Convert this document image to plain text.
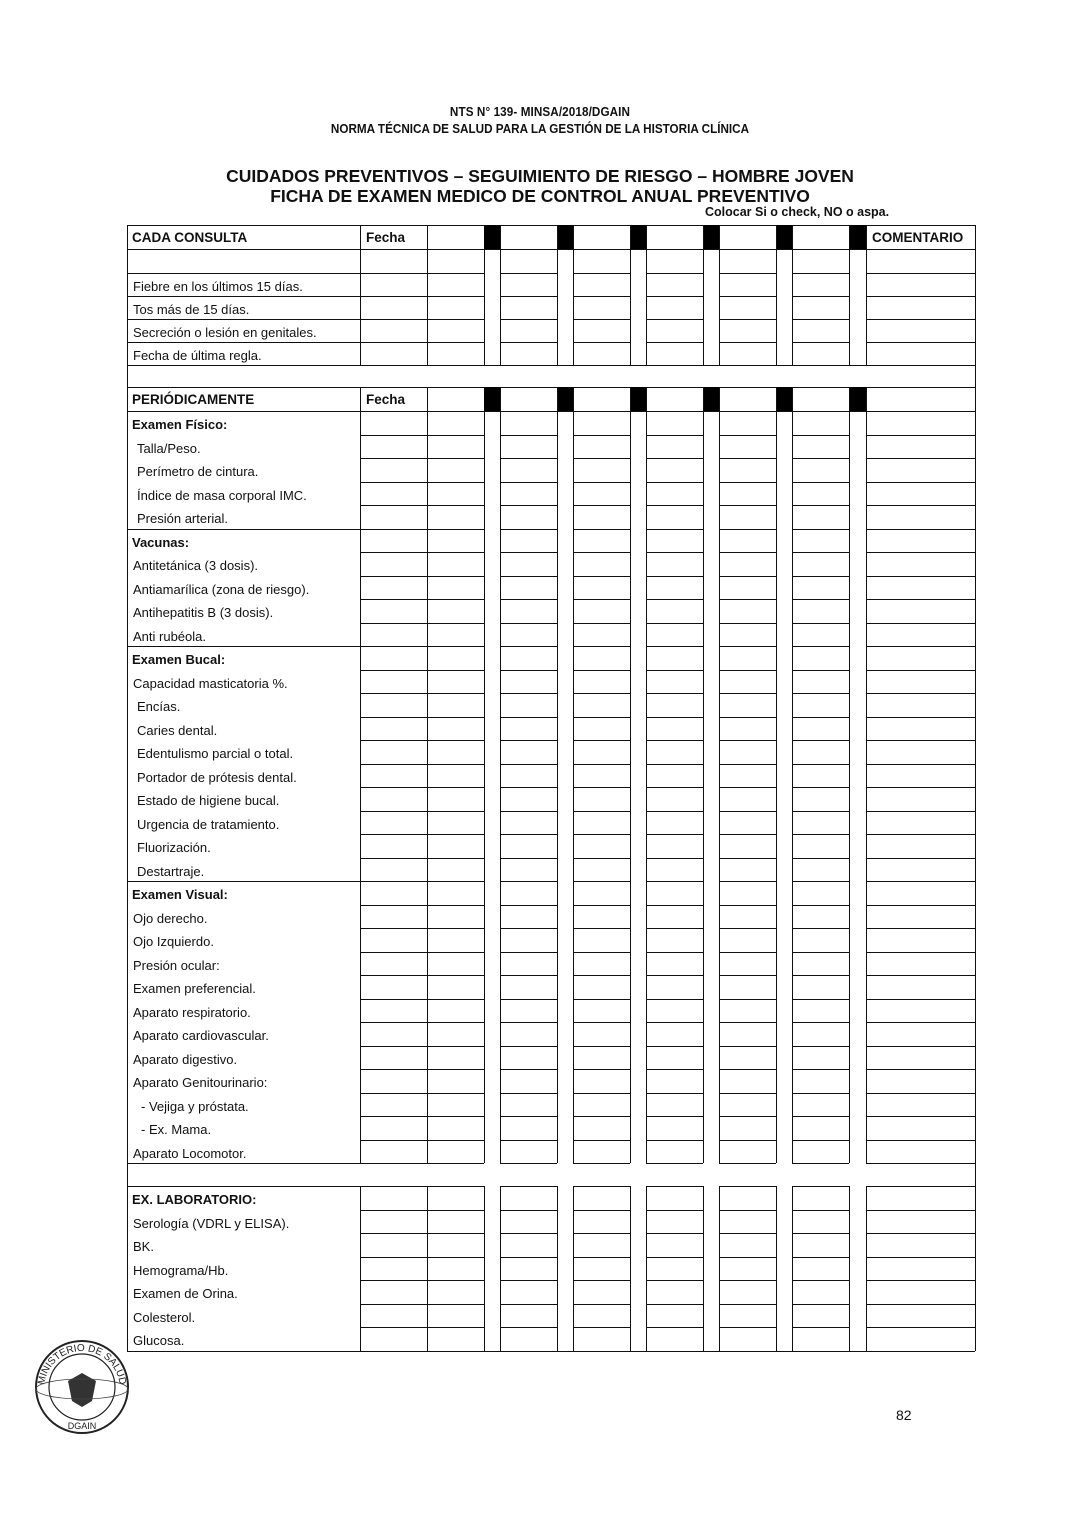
NTS N° 139- MINSA/2018/DGAIN
NORMA TÉCNICA DE SALUD PARA LA GESTIÓN DE LA HISTORIA CLÍNICA
CUIDADOS PREVENTIVOS – SEGUIMIENTO DE RIESGO – HOMBRE JOVEN
FICHA DE EXAMEN MEDICO DE CONTROL ANUAL PREVENTIVO
Colocar Si o check, NO o aspa.
CADA CONSULTA	Fecha	COMENTARIO
Fiebre en los últimos 15 días.
Tos más de 15 días.
Secreción o lesión en genitales.
Fecha de última regla.
PERIÓDICAMENTE	Fecha
Examen Físico:
Talla/Peso.
Perímetro de cintura.
Índice de masa corporal IMC.
Presión arterial.
Vacunas:
Antitetánica (3 dosis).
Antiamarílica (zona de riesgo).
Antihepatitis B (3 dosis).
Anti rubéola.
Examen Bucal:
Capacidad masticatoria %.
Encías.
Caries dental.
Edentulismo parcial o total.
Portador de prótesis dental.
Estado de higiene bucal.
Urgencia de tratamiento.
Fluorización.
Destartraje.
Examen Visual:
Ojo derecho.
Ojo Izquierdo.
Presión ocular:
Examen preferencial.
Aparato respiratorio.
Aparato cardiovascular.
Aparato digestivo.
Aparato Genitourinario:
- Vejiga y próstata.
- Ex. Mama.
Aparato Locomotor.
EX. LABORATORIO:
Serología (VDRL y ELISA).
BK.
Hemograma/Hb.
Examen de Orina.
Colesterol.
Glucosa.
82
MINISTERIO DE SALUD
DGAIN
